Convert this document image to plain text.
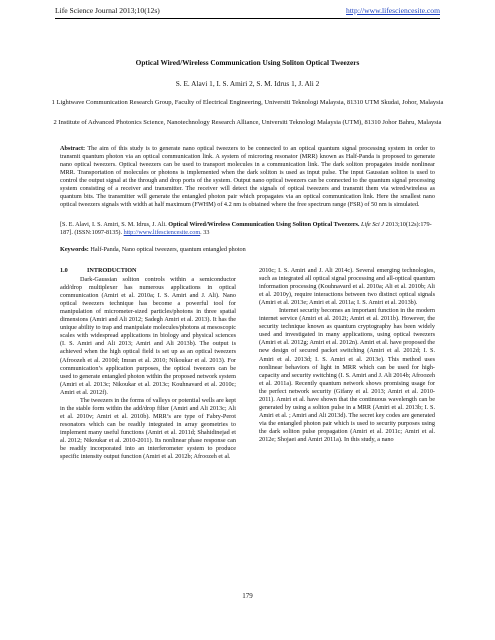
Life Science Journal 2013;10(12s)	http://www.lifesciencesite.com
Optical Wired/Wireless Communication Using Soliton Optical Tweezers
S. E. Alavi 1, I. S. Amiri 2, S. M. Idrus 1, J. Ali 2
1 Lightwave Communication Research Group, Faculty of Electrical Engineering, Universiti Teknologi Malaysia, 81310 UTM Skudai, Johor, Malaysia
2 Institute of Advanced Photonics Science, Nanotechnology Research Alliance, Universiti Teknologi Malaysia (UTM), 81310 Johor Bahru, Malaysia
Abstract: The aim of this study is to generate nano optical tweezers to be connected to an optical quantum signal processing system in order to transmit quantum photon via an optical communication link. A system of microring resonator (MRR) known as Half-Panda is proposed to generate nano optical tweezers. Optical tweezers can be used to transport molecules in a communication link. The dark soliton propagates inside nonlinear MRR. Transportation of molecules or photons is implemented when the dark soliton is used as input pulse. The input Gaussian soliton is used to control the output signal at the through and drop ports of the system. Output nano optical tweezers can be connected to the quantum signal processing system consisting of a receiver and transmitter. The receiver will detect the signals of optical tweezers and transmit them via wired/wireless as quantum bits. The transmitter will generate the entangled photon pair which propagates via an optical communication link. Here the smallest nano optical tweezers signals with width at half maximum (FWHM) of 4.2 nm is obtained where the free spectrum range (FSR) of 50 nm is simulated.
[S. E. Alavi, I. S. Amiri, S. M. Idrus, J. Ali. Optical Wired/Wireless Communication Using Soliton Optical Tweezers. Life Sci J 2013;10(12s):179-187]. (ISSN:1097-8135). http://www.lifesciencesite.com. 33
Keywords: Half-Panda, Nano optical tweezers, quantum entangled photon
1.0	INTRODUCTION

Dark-Gaussian soliton controls within a semiconductor add/drop multiplexer has numerous applications in optical communication (Amiri et al. 2010a; I. S. Amiri and J. Ali). Nano optical tweezers technique has become a powerful tool for manipulation of micrometer-sized particles/photons in three spatial dimensions (Amiri and Ali 2012; Sadegh Amiri et al. 2013). It has the unique ability to trap and manipulate molecules/photons at mesoscopic scales with widespread applications in biology and physical sciences (I. S. Amiri and Ali 2013; Amiri and Ali 2013b). The output is achieved when the high optical field is set up as an optical tweezers (Afroozeh et al. 2010d; Imran et al. 2010; Nikoukar et al. 2013). For communication’s application purposes, the optical tweezers can be used to generate entangled photon within the proposed network system (Amiri et al. 2013c; Nikoukar et al. 2013c; Kouhnavard et al. 2010c; Amiri et al. 2012f).

The tweezers in the forms of valleys or potential wells are kept in the stable form within the add/drop filter (Amiri and Ali 2013c; Ali et al. 2010v; Amiri et al. 2010b). MRR’s are type of Fabry-Perot resonators which can be readily integrated in array geometries to implement many useful functions (Amiri et al. 2011d; Shahidinejad et al. 2012; Nikoukar et al. 2010-2011). Its nonlinear phase response can be readily incorporated into an interferometer system to produce specific intensity output function (Amiri et al. 2012b; Afroozeh et al.

2010c; I. S. Amiri and J. Ali 2014c). Several emerging technologies, such as integrated all optical signal processing and all-optical quantum information processing (Kouhnavard et al. 2010a; Ali et al. 2010b; Ali et al. 2010y), require interactions between two distinct optical signals (Amiri et al. 2013e; Amiri et al. 2011a; I. S. Amiri et al. 2013b).

Internet security becomes an important function in the modern internet service (Amiri et al. 2012i; Amiri et al. 2011b). However, the security technique known as quantum cryptography has been widely used and investigated in many applications, using optical tweezers (Amiri et al. 2012g; Amiri et al. 2012n). Amiri et al. have proposed the new design of secured packet switching (Amiri et al. 2012d; I. S. Amiri et al. 2013d; I. S. Amiri et al. 2013e). This method uses nonlinear behaviors of light in MRR which can be used for high-capacity and security switching (I. S. Amiri and J. Ali 2014b; Afroozeh et al. 2011a). Recently quantum network shows promising usage for the perfect network security (Gifany et al. 2013; Amiri et al. 2010-2011). Amiri et al. have shown that the continuous wavelength can be generated by using a soliton pulse in a MRR (Amiri et al. 2013b; I. S. Amiri et al. ; Amiri and Ali 2013d). The secret key codes are generated via the entangled photon pair which is used to security purposes using the dark soliton pulse propagation (Amiri et al. 2011c; Amiri et al. 2012e; Shojaei and Amiri 2011a). In this study, a nano

179
